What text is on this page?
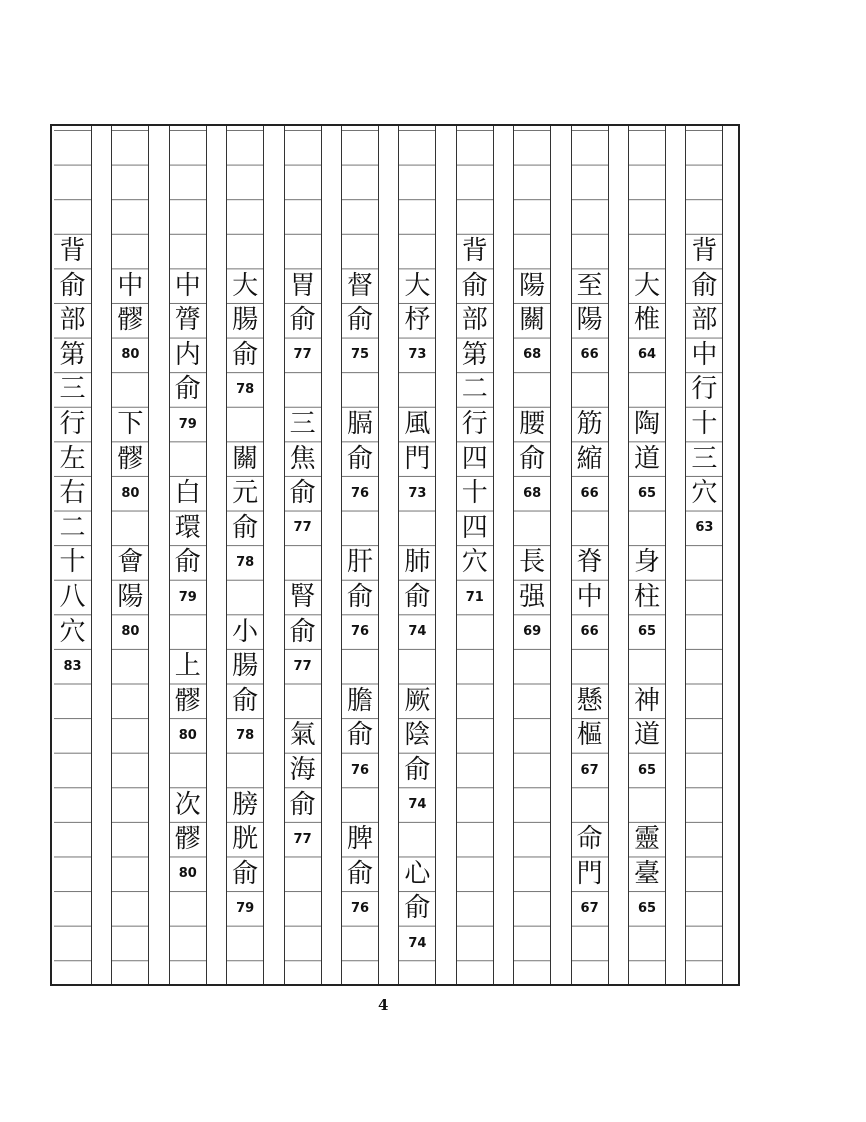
背
俞
部
中
行
十
三
穴
63
大
椎
64
陶
道
65
身
柱
65
神
道
65
靈
臺
65
至
陽
66
筋
縮
66
脊
中
66
懸
樞
67
命
門
67
陽
關
68
腰
俞
68
長
强
69
背
俞
部
第
二
行
四
十
四
穴
71
大
杼
73
風
門
73
肺
俞
74
厥
陰
俞
74
心
俞
74
督
俞
75
膈
俞
76
肝
俞
76
膽
俞
76
脾
俞
76
胃
俞
77
三
焦
俞
77
腎
俞
77
氣
海
俞
77
大
腸
俞
78
關
元
俞
78
小
腸
俞
78
膀
胱
俞
79
中
膂
内
俞
79
白
環
俞
79
上
髎
80
次
髎
80
中
髎
80
下
髎
80
會
陽
80
背
俞
部
第
三
行
左
右
二
十
八
穴
83
4
